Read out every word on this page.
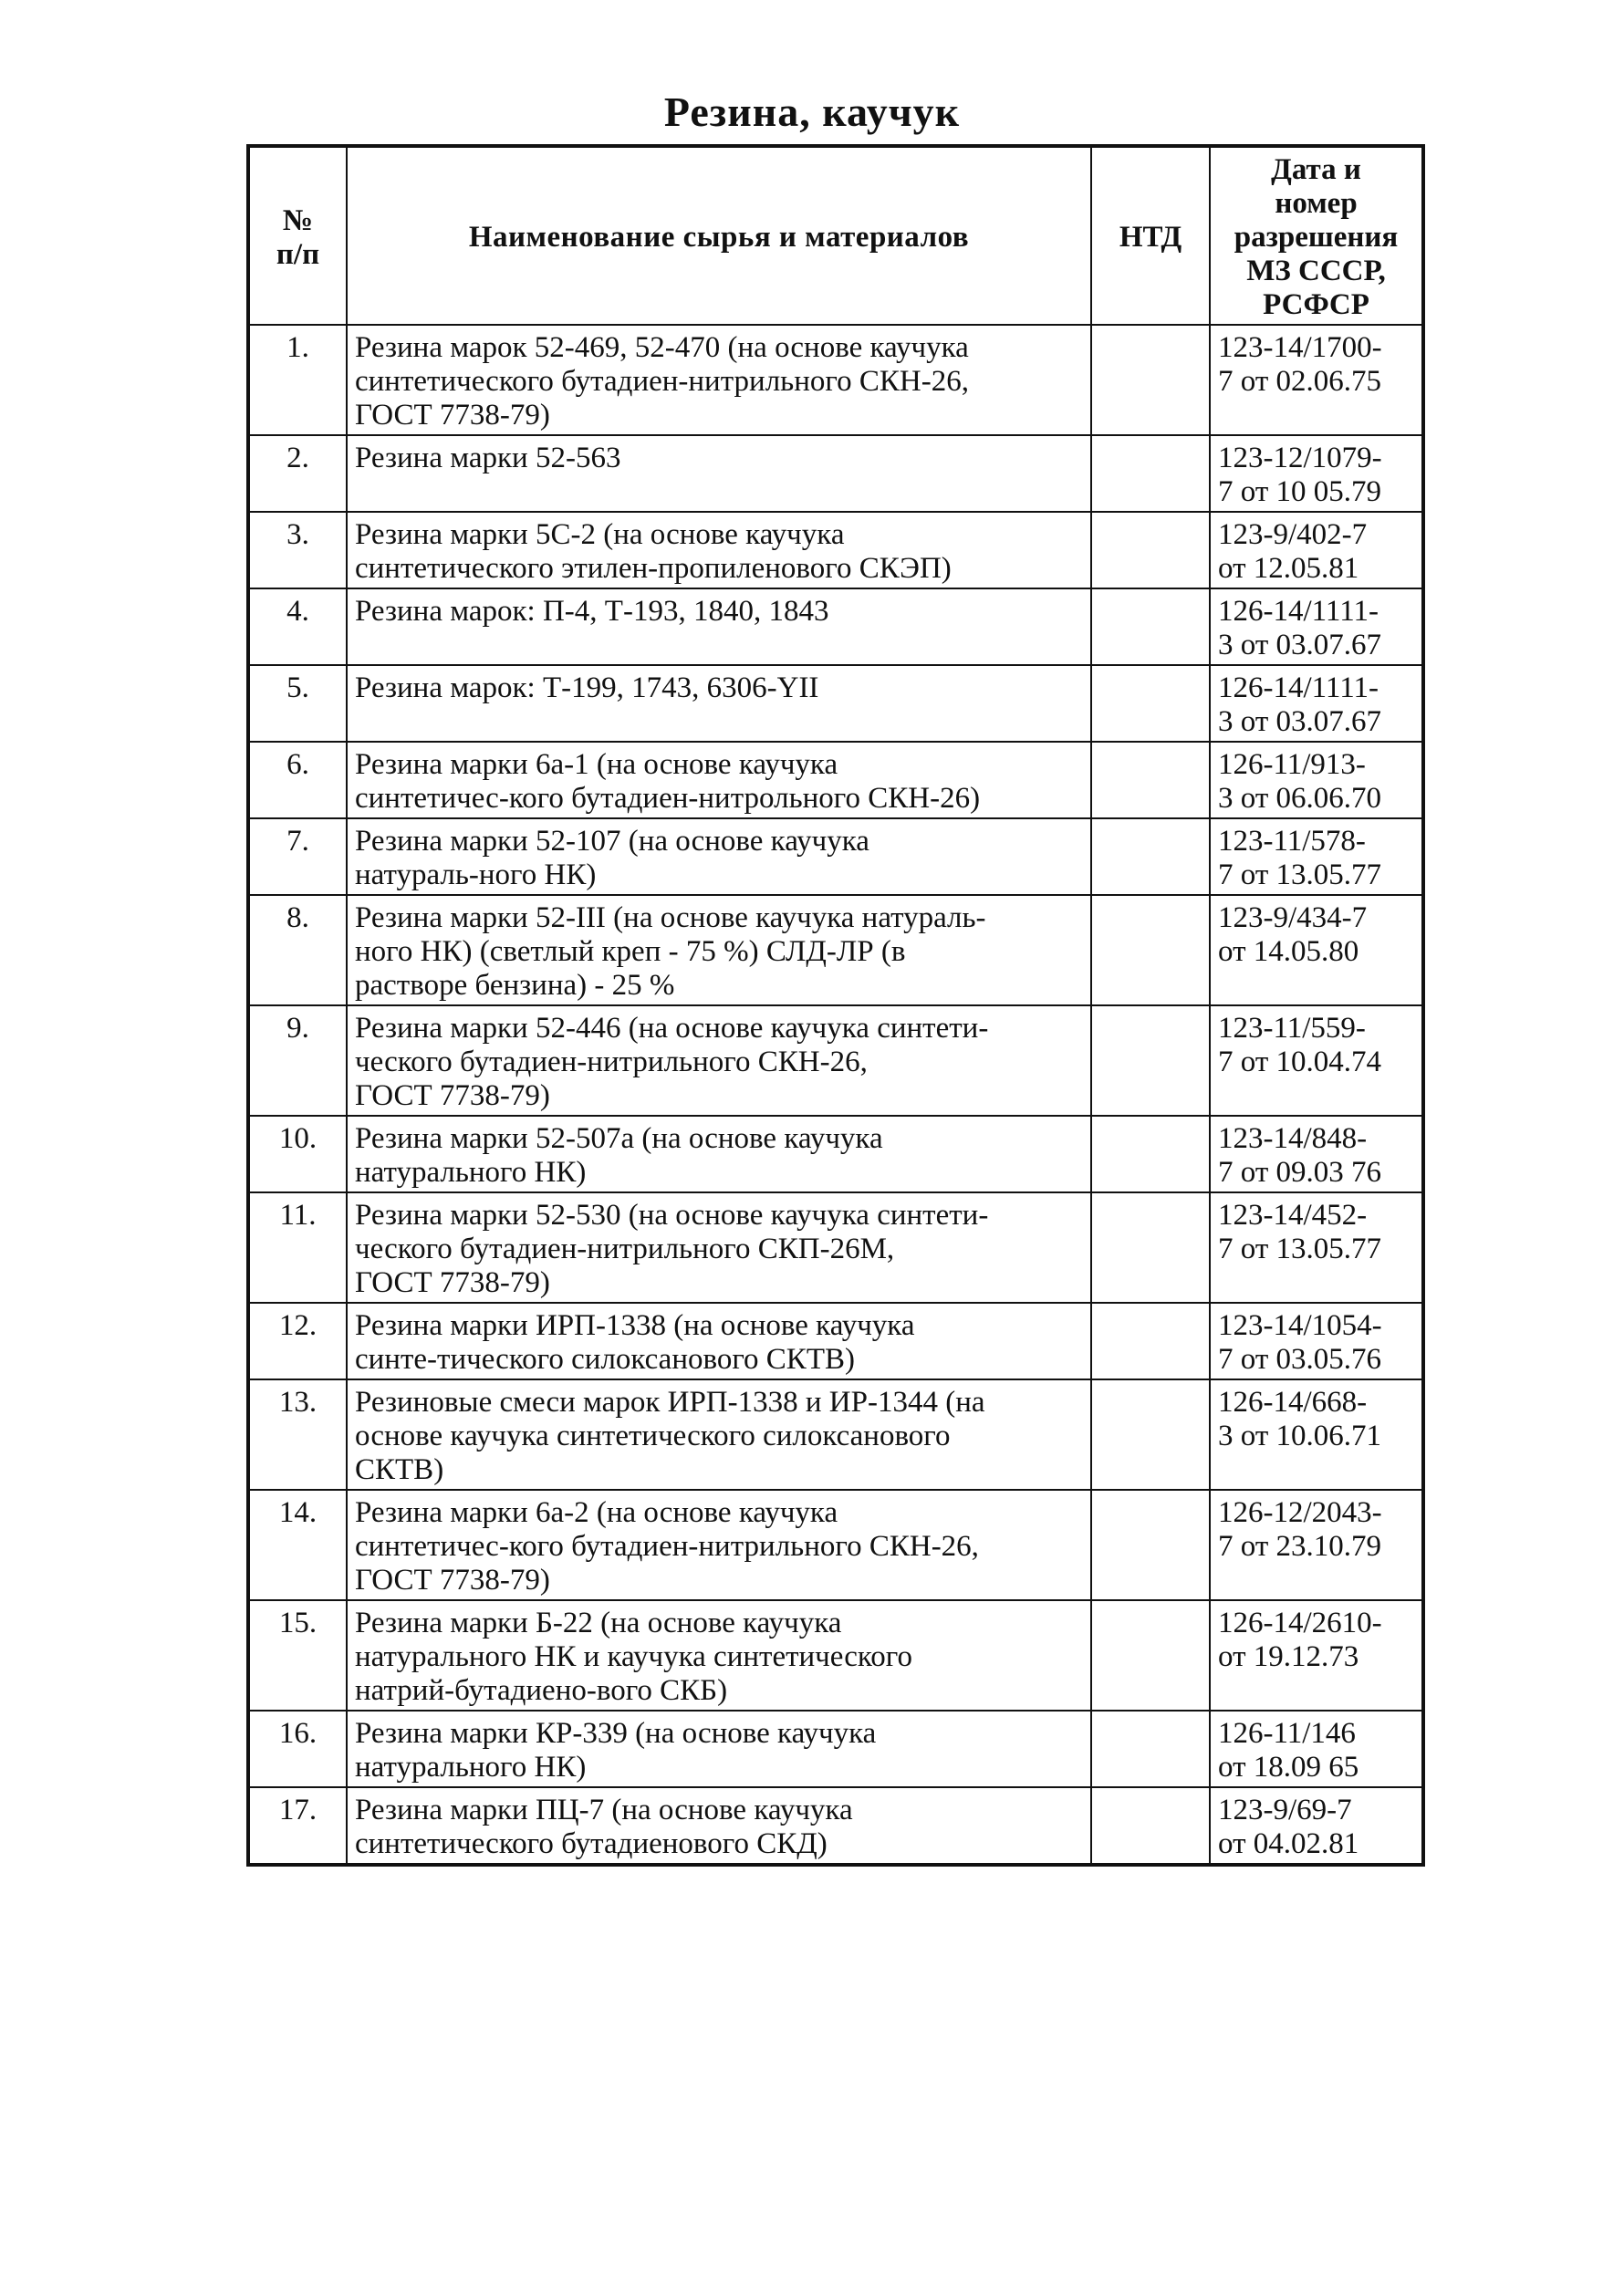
Резина, каучук
№
п/п	Наименование сырья и материалов	НТД	Дата и
номер
разрешения
МЗ СССР,
РСФСР

1.	Резина марок 52-469, 52-470 (на основе каучука
синтетического бутадиен-нитрильного СКН-26,
ГОСТ 7738-79)		123-14/1700-
7 от 02.06.75

2.	Резина марки 52-563		123-12/1079-
7 от 10 05.79

3.	Резина марки 5С-2 (на основе каучука
синтетического этилен-пропиленового СКЭП)		123-9/402-7
от 12.05.81

4.	Резина марок: П-4, Т-193, 1840, 1843		126-14/1111-
3 от 03.07.67

5.	Резина марок: Т-199, 1743, 6306-YII		126-14/1111-
3 от 03.07.67

6.	Резина марки 6а-1 (на основе каучука
синтетичес-кого бутадиен-нитрольного СКН-26)		126-11/913-
3 от 06.06.70

7.	Резина марки 52-107 (на основе каучука
натураль-ного НК)		123-11/578-
7 от 13.05.77

8.	Резина марки 52-III (на основе каучука натураль-
ного НК) (светлый креп - 75 %) СЛД-ЛР (в
растворе бензина) - 25 %		123-9/434-7
от 14.05.80

9.	Резина марки 52-446 (на основе каучука синтети-
ческого бутадиен-нитрильного СКН-26,
ГОСТ 7738-79)		123-11/559-
7 от 10.04.74

10.	Резина марки 52-507а (на основе каучука
натурального НК)		123-14/848-
7 от 09.03 76

11.	Резина марки 52-530 (на основе каучука синтети-
ческого бутадиен-нитрильного СКП-26М,
ГОСТ 7738-79)		123-14/452-
7 от 13.05.77

12.	Резина марки ИРП-1338 (на основе каучука
синте-тического силоксанового СКТВ)		123-14/1054-
7 от 03.05.76

13.	Резиновые смеси марок ИРП-1338 и ИР-1344 (на
основе каучука синтетического силоксанового
СКТВ)		126-14/668-
3 от 10.06.71

14.	Резина марки 6а-2 (на основе каучука
синтетичес-кого бутадиен-нитрильного СКН-26,
ГОСТ 7738-79)		126-12/2043-
7 от 23.10.79

15.	Резина марки Б-22 (на основе каучука
натурального НК и каучука синтетического
натрий-бутадиено-вого СКБ)		126-14/2610-
от 19.12.73

16.	Резина марки КР-339 (на основе каучука
натурального НК)		126-11/146
от 18.09 65

17.	Резина марки ПЦ-7 (на основе каучука
синтетического бутадиенового СКД)		123-9/69-7
от 04.02.81
